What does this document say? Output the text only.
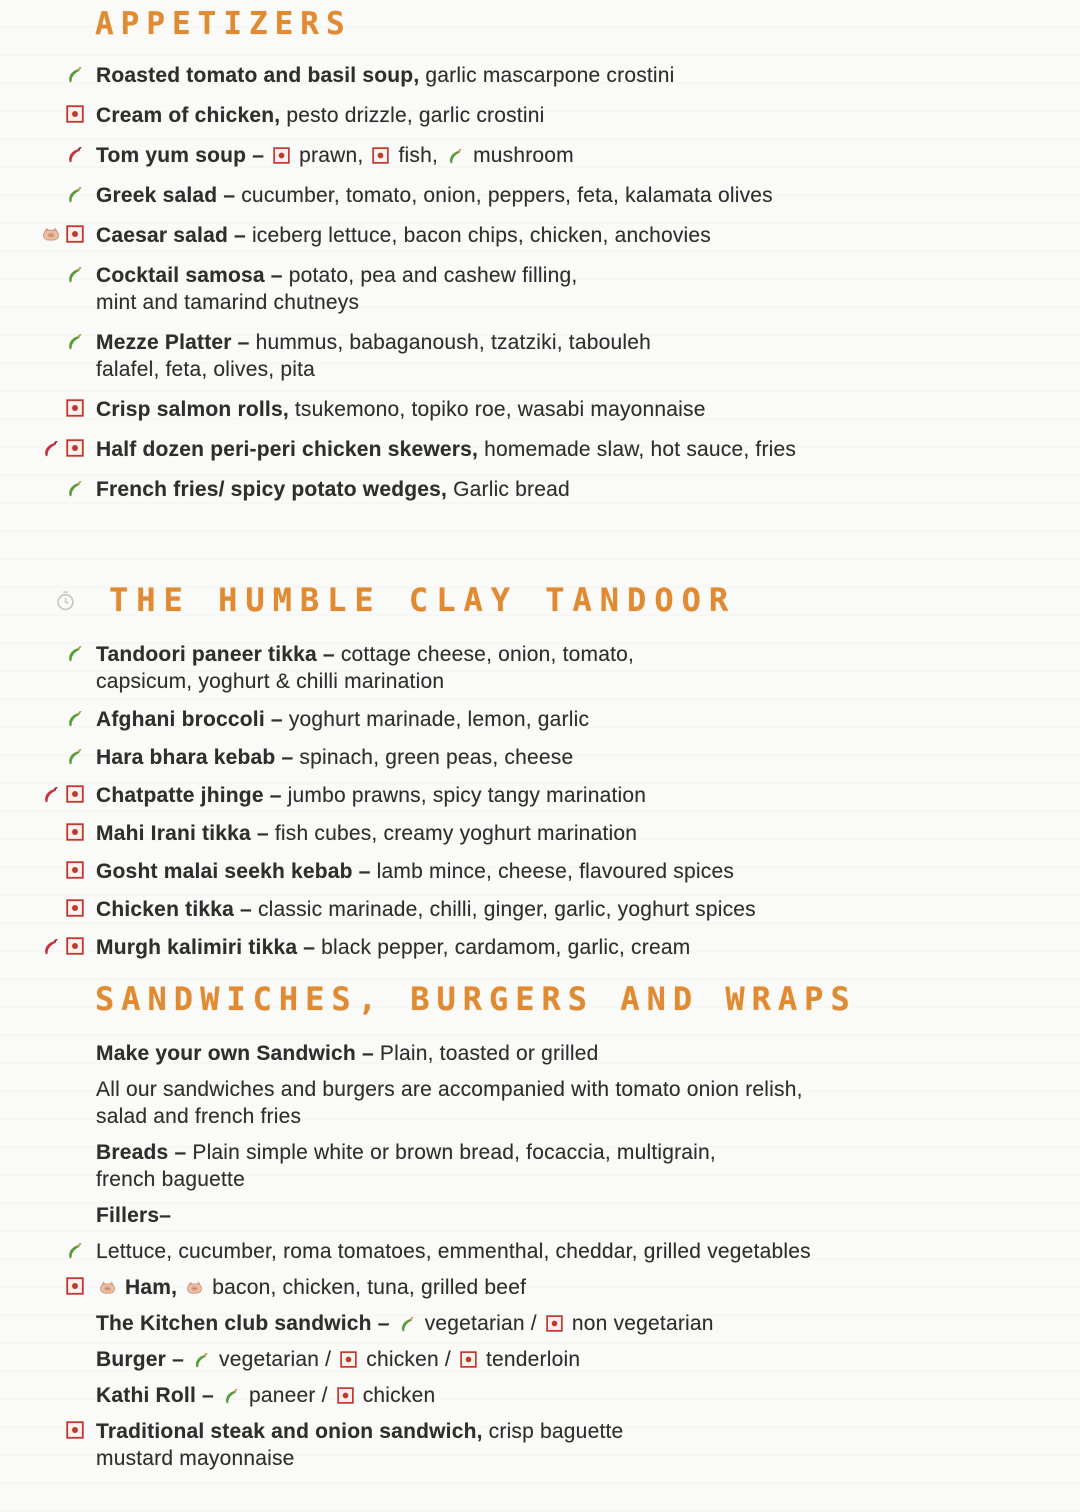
APPETIZERS
Roasted tomato and basil soup, garlic mascarpone crostini
Cream of chicken, pesto drizzle, garlic crostini
Tom yum soup –
prawn,
fish,
mushroom
Greek salad – cucumber, tomato, onion, peppers, feta, kalamata olives
Caesar salad – iceberg lettuce, bacon chips, chicken, anchovies
Cocktail samosa – potato, pea and cashew filling,
mint and tamarind chutneys
Mezze Platter – hummus, babaganoush, tzatziki, tabouleh
falafel, feta, olives, pita
Crisp salmon rolls, tsukemono, topiko roe, wasabi mayonnaise
Half dozen peri-peri chicken skewers, homemade slaw, hot sauce, fries
French fries/ spicy potato wedges, Garlic bread
THE HUMBLE CLAY TANDOOR
Tandoori paneer tikka – cottage cheese, onion, tomato,
capsicum, yoghurt & chilli marination
Afghani broccoli – yoghurt marinade, lemon, garlic
Hara bhara kebab – spinach, green peas, cheese
Chatpatte jhinge – jumbo prawns, spicy tangy marination
Mahi Irani tikka – fish cubes, creamy yoghurt marination
Gosht malai seekh kebab – lamb mince, cheese, flavoured spices
Chicken tikka – classic marinade, chilli, ginger, garlic, yoghurt spices
Murgh kalimiri tikka – black pepper, cardamom, garlic, cream
SANDWICHES, BURGERS AND WRAPS
Make your own Sandwich – Plain, toasted or grilled
All our sandwiches and burgers are accompanied with tomato onion relish,
salad and french fries
Breads – Plain simple white or brown bread, focaccia, multigrain,
french baguette
Fillers–
Lettuce, cucumber, roma tomatoes, emmenthal, cheddar, grilled vegetables
Ham,
bacon, chicken, tuna, grilled beef
The Kitchen club sandwich –
vegetarian /
non vegetarian
Burger –
vegetarian /
chicken /
tenderloin
Kathi Roll –
paneer /
chicken
Traditional steak and onion sandwich, crisp baguette
mustard mayonnaise
